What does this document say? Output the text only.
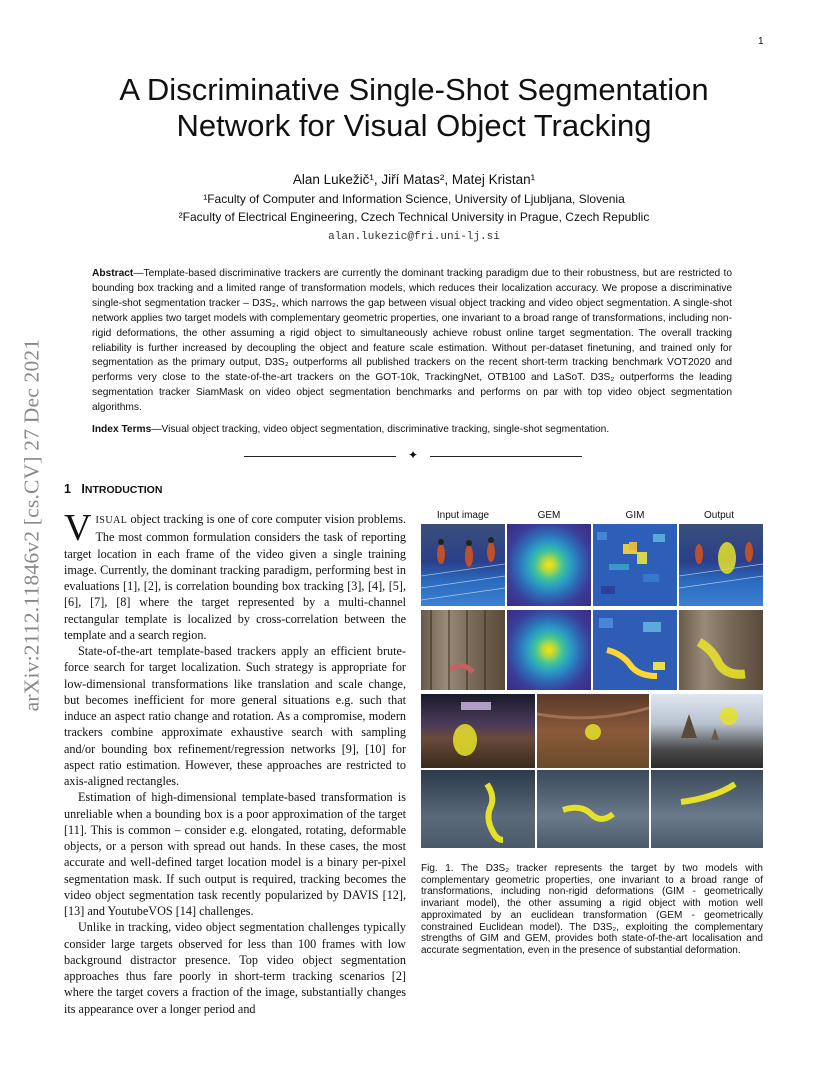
1
arXiv:2112.11846v2 [cs.CV] 27 Dec 2021
A Discriminative Single-Shot Segmentation Network for Visual Object Tracking
Alan Lukežič¹, Jiří Matas², Matej Kristan¹
¹Faculty of Computer and Information Science, University of Ljubljana, Slovenia
²Faculty of Electrical Engineering, Czech Technical University in Prague, Czech Republic
alan.lukezic@fri.uni-lj.si
Abstract—Template-based discriminative trackers are currently the dominant tracking paradigm due to their robustness, but are restricted to bounding box tracking and a limited range of transformation models, which reduces their localization accuracy. We propose a discriminative single-shot segmentation tracker – D3S₂, which narrows the gap between visual object tracking and video object segmentation. A single-shot network applies two target models with complementary geometric properties, one invariant to a broad range of transformations, including non-rigid deformations, the other assuming a rigid object to simultaneously achieve robust online target segmentation. The overall tracking reliability is further increased by decoupling the object and feature scale estimation. Without per-dataset finetuning, and trained only for segmentation as the primary output, D3S₂ outperforms all published trackers on the recent short-term tracking benchmark VOT2020 and performs very close to the state-of-the-art trackers on the GOT-10k, TrackingNet, OTB100 and LaSoT. D3S₂ outperforms the leading segmentation tracker SiamMask on video object segmentation benchmarks and performs on par with top video object segmentation algorithms.
Index Terms—Visual object tracking, video object segmentation, discriminative tracking, single-shot segmentation.
✦
1 INTRODUCTION

VISUAL object tracking is one of core computer vision problems. The most common formulation considers the task of reporting target location in each frame of the video given a single training image. Currently, the dominant tracking paradigm, performing best in evaluations [1], [2], is correlation bounding box tracking [3], [4], [5], [6], [7], [8] where the target represented by a multi-channel rectangular template is localized by cross-correlation between the template and a search region.

State-of-the-art template-based trackers apply an efficient brute-force search for target localization. Such strategy is appropriate for low-dimensional transformations like translation and scale change, but becomes inefficient for more general situations e.g. such that induce an aspect ratio change and rotation. As a compromise, modern trackers combine approximate exhaustive search with sampling and/or bounding box refinement/regression networks [9], [10] for aspect ratio estimation. However, these approaches are restricted to axis-aligned rectangles.

Estimation of high-dimensional template-based transformation is unreliable when a bounding box is a poor approximation of the target [11]. This is common – consider e.g. elongated, rotating, deformable objects, or a person with spread out hands. In these cases, the most accurate and well-defined target location model is a binary per-pixel segmentation mask. If such output is required, tracking becomes the video object segmentation task recently popularized by DAVIS [12], [13] and YoutubeVOS [14] challenges.

Unlike in tracking, video object segmentation challenges typically consider large targets observed for less than 100 frames with low background distractor presence. Top video object segmentation approaches thus fare poorly in short-term tracking scenarios [2] where the target covers a fraction of the image, substantially changes its appearance over a longer period and

Input image	GEM	GIM	Output
Fig. 1. The D3S₂ tracker represents the target by two models with complementary geometric properties, one invariant to a broad range of transformations, including non-rigid deformations (GIM - geometrically invariant model), the other assuming a rigid object with motion well approximated by an euclidean transformation (GEM - geometrically constrained Euclidean model). The D3S₂, exploiting the complementary strengths of GIM and GEM, provides both state-of-the-art localisation and accurate segmentation, even in the presence of substantial deformation.
